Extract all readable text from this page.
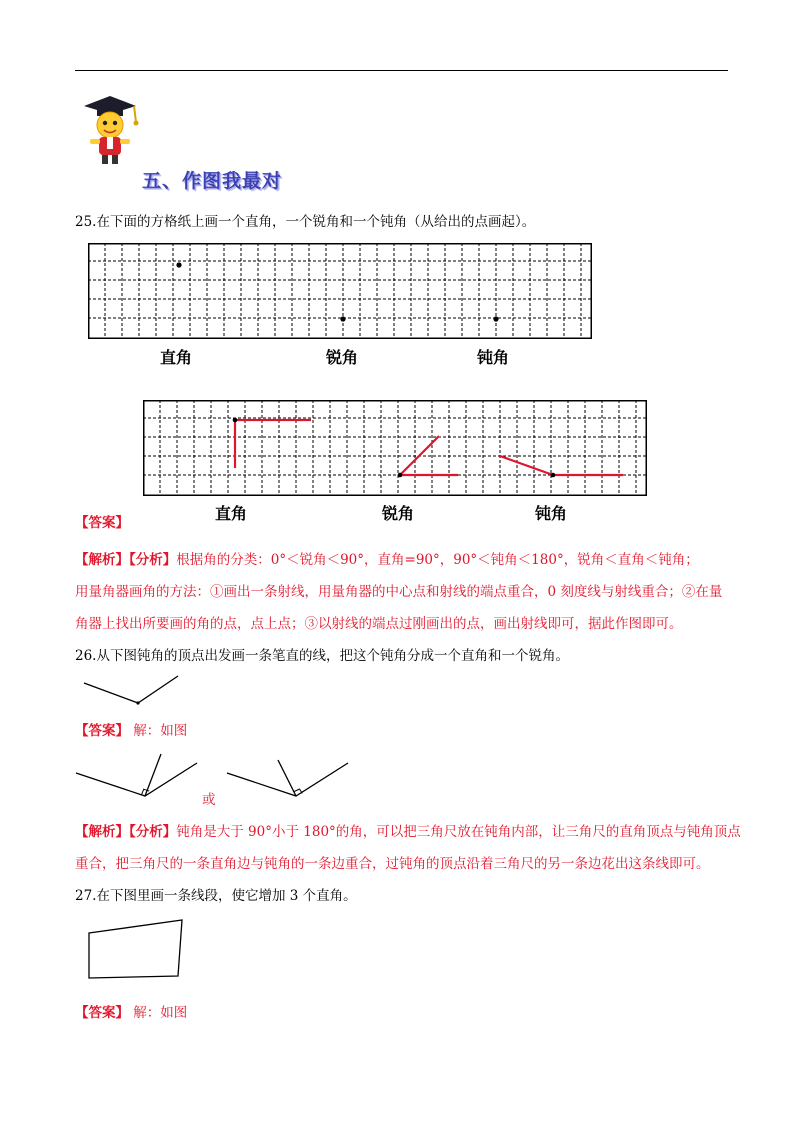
五、作图我最对
25.在下面的方格纸上画一个直角，一个锐角和一个钝角（从给出的点画起）。
直角	锐角	钝角
直角	锐角	钝角
【答案】
【解析】【分析】根据角的分类：0°＜锐角＜90°，直角=90°，90°＜钝角＜180°，锐角＜直角＜钝角；
用量角器画角的方法：①画出一条射线，用量角器的中心点和射线的端点重合，0 刻度线与射线重合；②在量
角器上找出所要画的角的点，点上点；③以射线的端点过刚画出的点，画出射线即可，据此作图即可。
26.从下图钝角的顶点出发画一条笔直的线，把这个钝角分成一个直角和一个锐角。
【答案】 解：如图
或
【解析】【分析】钝角是大于 90°小于 180°的角，可以把三角尺放在钝角内部，让三角尺的直角顶点与钝角顶点
重合，把三角尺的一条直角边与钝角的一条边重合，过钝角的顶点沿着三角尺的另一条边花出这条线即可。
27.在下图里画一条线段，使它增加 3 个直角。
【答案】 解：如图
